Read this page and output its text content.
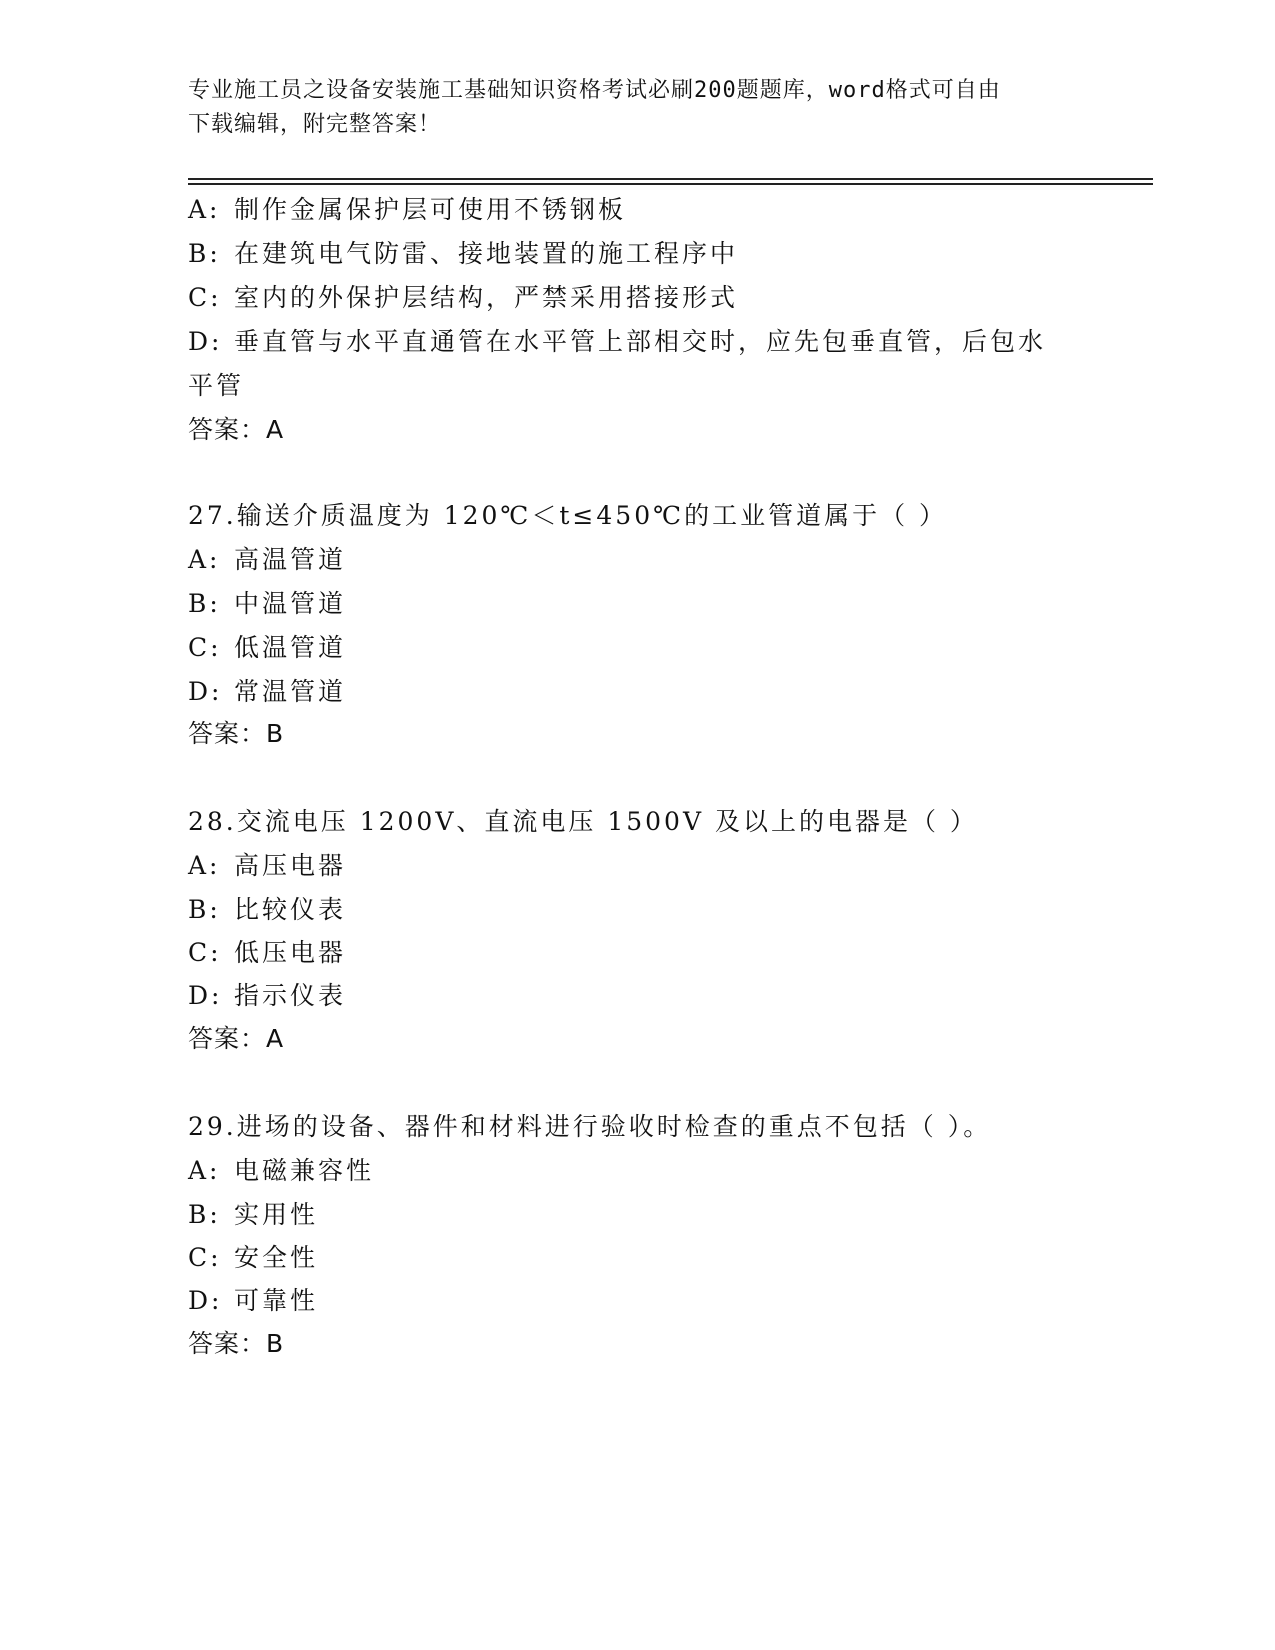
专业施工员之设备安装施工基础知识资格考试必刷200题题库，word格式可自由
下载编辑，附完整答案！
A: 制作金属保护层可使用不锈钢板
B: 在建筑电气防雷、接地装置的施工程序中
C: 室内的外保护层结构，严禁采用搭接形式
D: 垂直管与水平直通管在水平管上部相交时，应先包垂直管，后包水
平管
答案：A
27.输送介质温度为 120℃＜t≤450℃的工业管道属于（ ）
A: 高温管道
B: 中温管道
C: 低温管道
D: 常温管道
答案：B
28.交流电压 1200V、直流电压 1500V 及以上的电器是（ ）
A: 高压电器
B: 比较仪表
C: 低压电器
D: 指示仪表
答案：A
29.进场的设备、器件和材料进行验收时检查的重点不包括（ ）。
A: 电磁兼容性
B: 实用性
C: 安全性
D: 可靠性
答案：B
